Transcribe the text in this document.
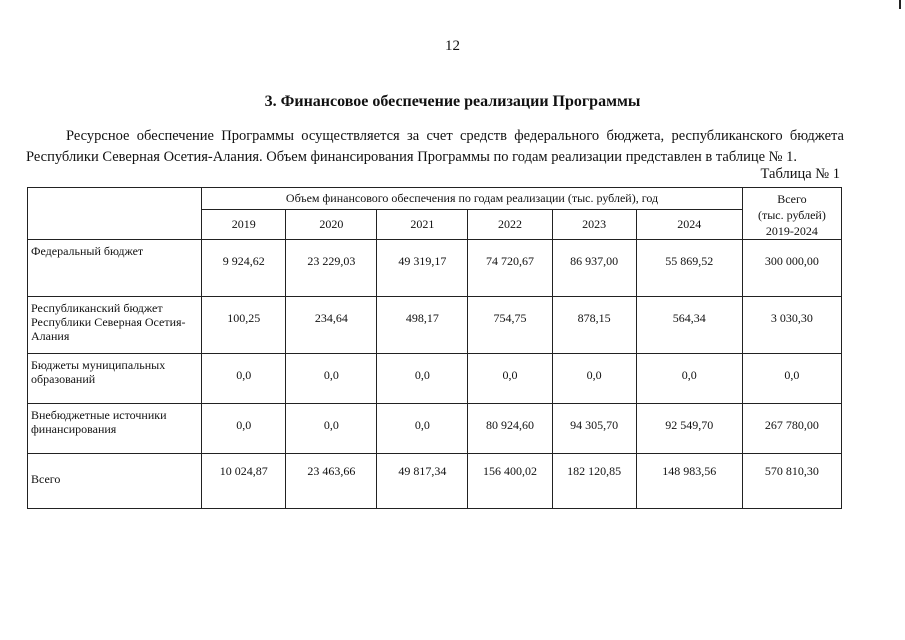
12
3. Финансовое обеспечение реализации Программы

Ресурсное обеспечение Программы осуществляется за счет средств федерального бюджета, республиканского бюджета Республики Северная Осетия-Алания. Объем финансирования Программы по годам реализации представлен в таблице № 1.

Таблица № 1
	Объем финансового обеспечения по годам реализации (тыс. рублей), год						Всего
(тыс. рублей)
2019-2024

	2019	2020	2021	2022	2023	2024	
Федеральный бюджет	9 924,62	23 229,03	49 319,17	74 720,67	86 937,00	55 869,52	300 000,00
Республиканский бюджет Республики Северная Осетия-Алания	100,25	234,64	498,17	754,75	878,15	564,34	3 030,30
Бюджеты муниципальных образований	0,0	0,0	0,0	0,0	0,0	0,0	0,0
Внебюджетные источники финансирования	0,0	0,0	0,0	80 924,60	94 305,70	92 549,70	267 780,00
Всего	10 024,87	23 463,66	49 817,34	156 400,02	182 120,85	148 983,56	570 810,30
